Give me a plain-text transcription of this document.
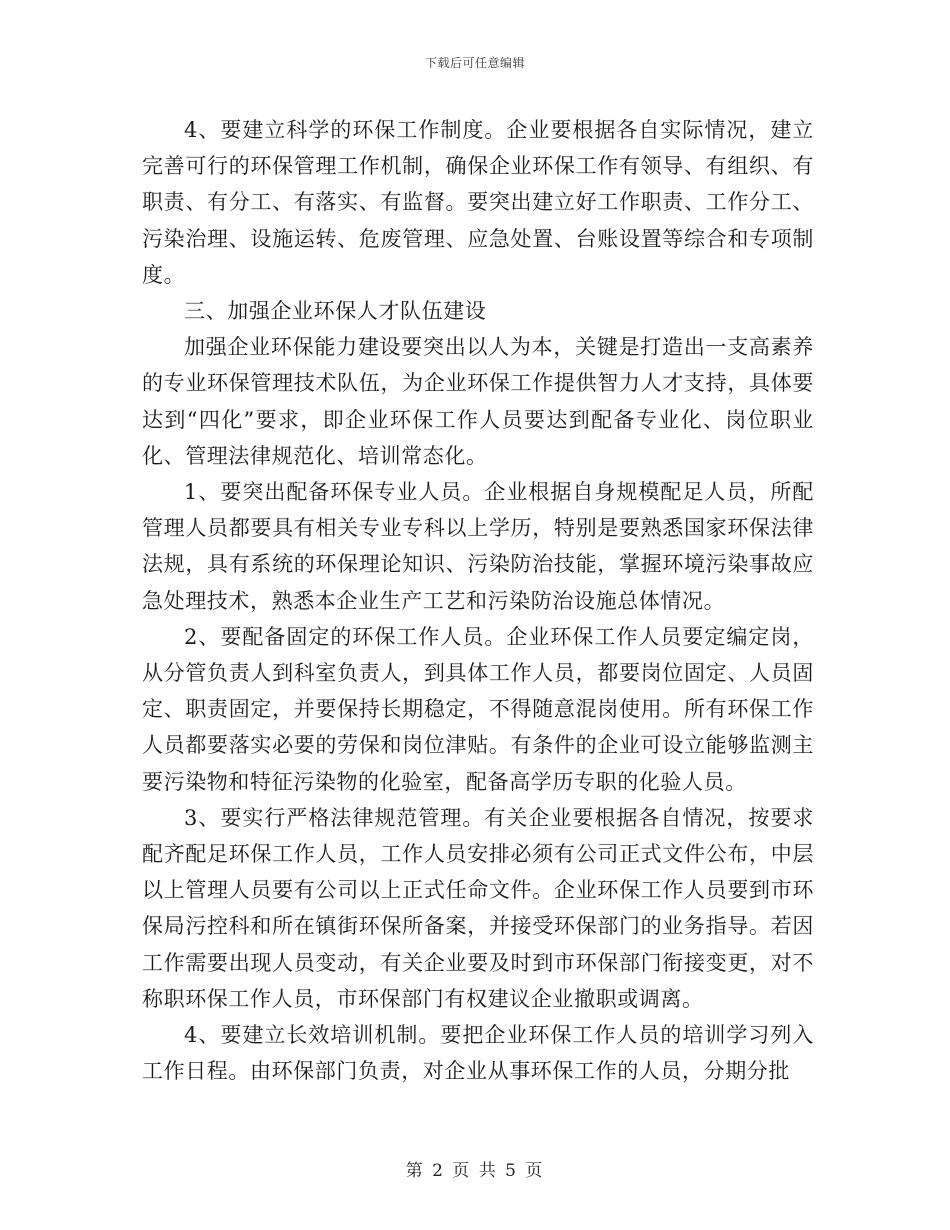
下载后可任意编辑

4、要建立科学的环保工作制度。企业要根据各自实际情况，建立完善可行的环保管理工作机制，确保企业环保工作有领导、有组织、有职责、有分工、有落实、有监督。要突出建立好工作职责、工作分工、污染治理、设施运转、危废管理、应急处置、台账设置等综合和专项制度。

三、加强企业环保人才队伍建设

加强企业环保能力建设要突出以人为本，关键是打造出一支高素养的专业环保管理技术队伍，为企业环保工作提供智力人才支持，具体要达到“四化”要求，即企业环保工作人员要达到配备专业化、岗位职业化、管理法律规范化、培训常态化。

1、要突出配备环保专业人员。企业根据自身规模配足人员，所配管理人员都要具有相关专业专科以上学历，特别是要熟悉国家环保法律法规，具有系统的环保理论知识、污染防治技能，掌握环境污染事故应急处理技术，熟悉本企业生产工艺和污染防治设施总体情况。

2、要配备固定的环保工作人员。企业环保工作人员要定编定岗，从分管负责人到科室负责人，到具体工作人员，都要岗位固定、人员固定、职责固定，并要保持长期稳定，不得随意混岗使用。所有环保工作人员都要落实必要的劳保和岗位津贴。有条件的企业可设立能够监测主要污染物和特征污染物的化验室，配备高学历专职的化验人员。

3、要实行严格法律规范管理。有关企业要根据各自情况，按要求配齐配足环保工作人员，工作人员安排必须有公司正式文件公布，中层以上管理人员要有公司以上正式任命文件。企业环保工作人员要到市环保局污控科和所在镇街环保所备案，并接受环保部门的业务指导。若因工作需要出现人员变动，有关企业要及时到市环保部门衔接变更，对不称职环保工作人员，市环保部门有权建议企业撤职或调离。

4、要建立长效培训机制。要把企业环保工作人员的培训学习列入工作日程。由环保部门负责，对企业从事环保工作的人员，分期分批

第 2 页 共 5 页
